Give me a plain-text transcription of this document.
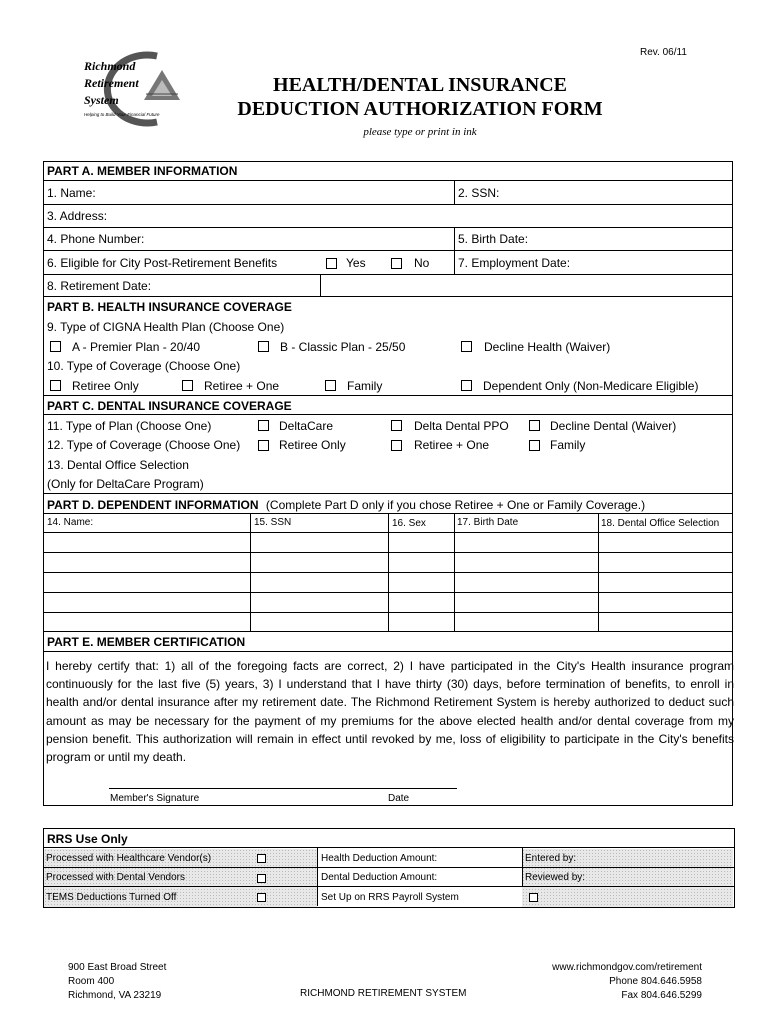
Rev. 06/11
Richmond
Retirement
System
Helping to Build Your Financial Future
HEALTH/DENTAL INSURANCE
DEDUCTION AUTHORIZATION FORM
please type or print in ink
PART A. MEMBER INFORMATION
1. Name:	2. SSN:
3. Address:
4. Phone Number:	5. Birth Date:
6. Eligible for City Post-Retirement Benefits	Yes	No 7. Employment Date:
8. Retirement Date:
PART B. HEALTH INSURANCE COVERAGE
9. Type of CIGNA Health Plan (Choose One)
A - Premier Plan - 20/40	B - Classic Plan - 25/50	Decline Health (Waiver)
10. Type of Coverage (Choose One)
Retiree Only	Retiree + One	Family	Dependent Only (Non-Medicare Eligible)
PART C. DENTAL INSURANCE COVERAGE
11. Type of Plan (Choose One)	DeltaCare	Delta Dental PPO	Decline Dental (Waiver)
12. Type of Coverage (Choose One)	Retiree Only	Retiree + One	Family
13. Dental Office Selection
(Only for DeltaCare Program)
PART D. DEPENDENT INFORMATION (Complete Part D only if you chose Retiree + One or Family Coverage.)
14. Name:	15. SSN	16. Sex	17. Birth Date	18. Dental Office Selection
PART E. MEMBER CERTIFICATION
I hereby certify that: 1) all of the foregoing facts are correct, 2) I have participated in the City's Health insurance program continuously for the last five (5) years, 3) I understand that I have thirty (30) days, before termination of benefits, to enroll in health and/or dental insurance after my retirement date. The Richmond Retirement System is hereby authorized to deduct such amount as may be necessary for the payment of my premiums for the above elected health and/or dental coverage from my pension benefit. This authorization will remain in effect until revoked by me, loss of eligibility to participate in the City's benefits program or until my death.
Member's Signature	Date
RRS Use Only
Processed with Healthcare Vendor(s)	Health Deduction Amount:	Entered by:
Processed with Dental Vendors	Dental Deduction Amount:	Reviewed by:
TEMS Deductions Turned Off	Set Up on RRS Payroll System
900 East Broad Street
Room 400
Richmond, VA 23219	RICHMOND RETIREMENT SYSTEM
www.richmondgov.com/retirement
Phone 804.646.5958
Fax 804.646.5299
